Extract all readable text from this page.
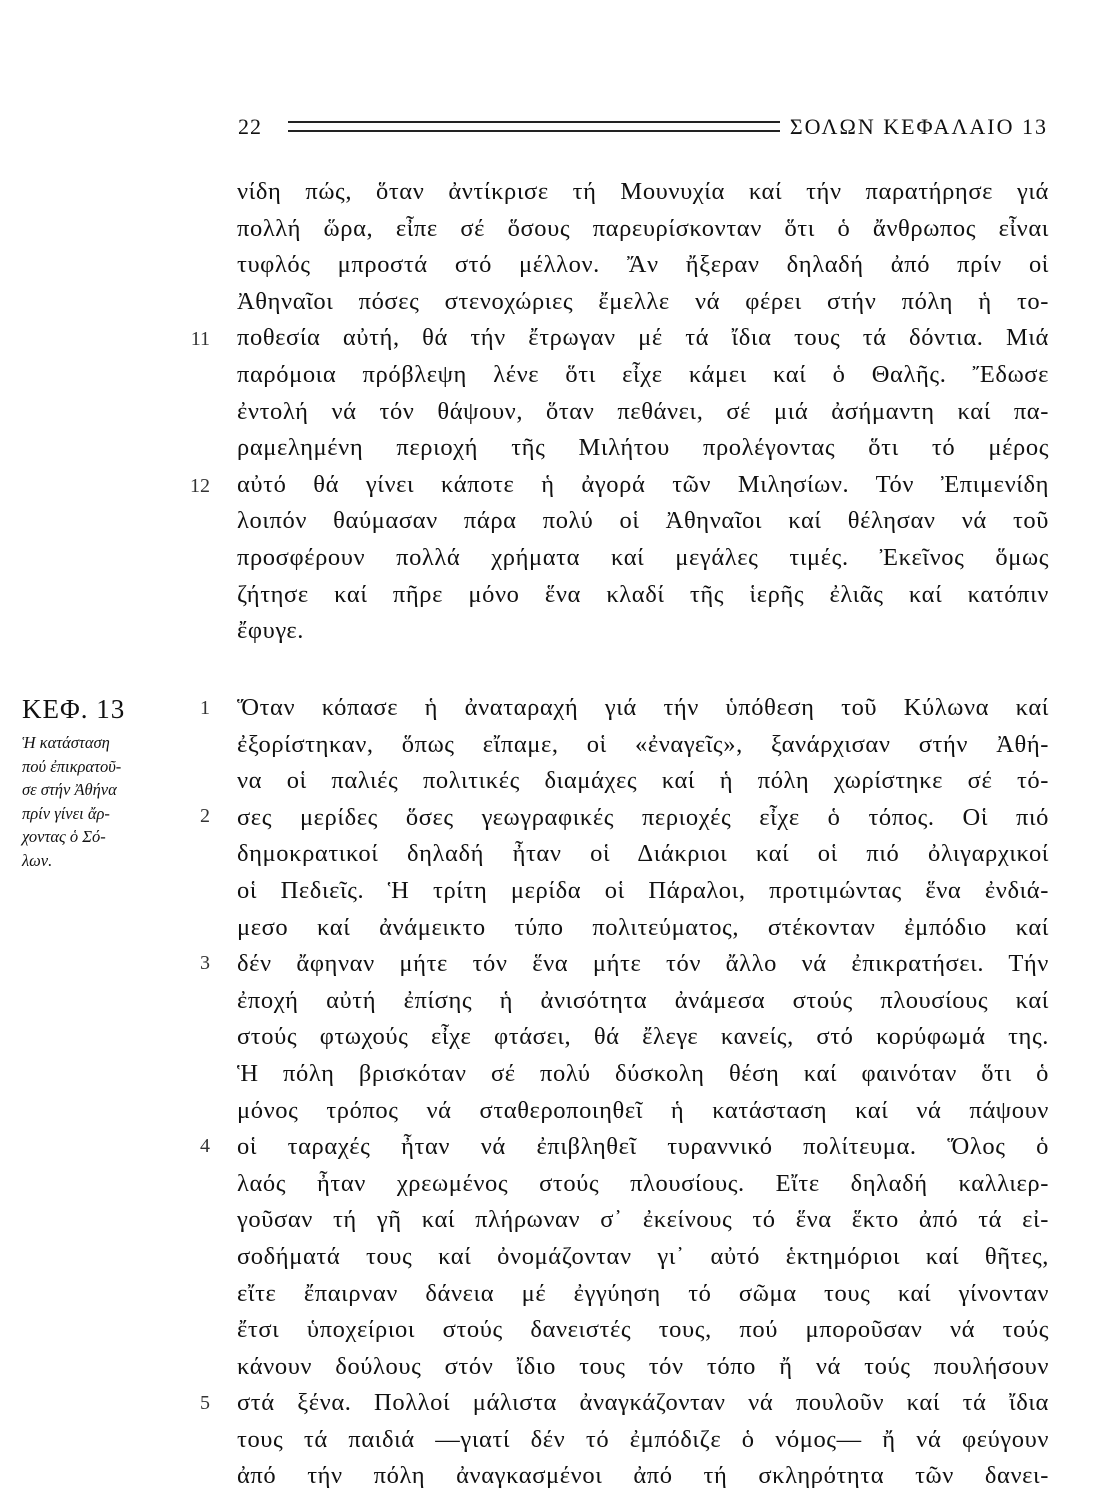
22	ΣΟΛΩΝ ΚΕΦΑΛΑΙΟ 13
νίδη πώς, ὅταν ἀντίκρισε τή Μουνυχία καί τήν παρατήρησε γιά
πολλή ὥρα, εἶπε σέ ὅσους παρευρίσκονταν ὅτι ὁ ἄνθρωπος εἶναι
τυφλός μπροστά στό μέλλον. Ἄν ἤξεραν δηλαδή ἀπό πρίν οἱ
Ἀθηναῖοι πόσες στενοχώριες ἔμελλε νά φέρει στήν πόλη ἡ το-
ποθεσία αὐτή, θά τήν ἔτρωγαν μέ τά ἴδια τους τά δόντια. Μιά
παρόμοια πρόβλεψη λένε ὅτι εἶχε κάμει καί ὁ Θαλῆς. Ἔδωσε
ἐντολή νά τόν θάψουν, ὅταν πεθάνει, σέ μιά ἀσήμαντη καί πα-
ραμελημένη περιοχή τῆς Μιλήτου προλέγοντας ὅτι τό μέρος
αὐτό θά γίνει κάποτε ἡ ἀγορά τῶν Μιλησίων. Τόν Ἐπιμενίδη
λοιπόν θαύμασαν πάρα πολύ οἱ Ἀθηναῖοι καί θέλησαν νά τοῦ
προσφέρουν πολλά χρήματα καί μεγάλες τιμές. Ἐκεῖνος ὅμως
ζήτησε καί πῆρε μόνο ἕνα κλαδί τῆς ἱερῆς ἐλιᾶς καί κατόπιν
ἔφυγε.
11
12
ΚΕΦ. 13
Ἡ κατάσταση
πού ἐπικρατοῦ-
σε στήν Ἀθήνα
πρίν γίνει ἄρ-
χοντας ὁ Σό-
λων.
Ὅταν κόπασε ἡ ἀναταραχή γιά τήν ὑπόθεση τοῦ Κύλωνα καί
ἐξορίστηκαν, ὅπως εἴπαμε, οἱ «ἐναγεῖς», ξανάρχισαν στήν Ἀθή-
να οἱ παλιές πολιτικές διαμάχες καί ἡ πόλη χωρίστηκε σέ τό-
σες μερίδες ὅσες γεωγραφικές περιοχές εἶχε ὁ τόπος. Οἱ πιό
δημοκρατικοί δηλαδή ἦταν οἱ Διάκριοι καί οἱ πιό ὀλιγαρχικοί
οἱ Πεδιεῖς. Ἡ τρίτη μερίδα οἱ Πάραλοι, προτιμώντας ἕνα ἐνδιά-
μεσο καί ἀνάμεικτο τύπο πολιτεύματος, στέκονταν ἐμπόδιο καί
δέν ἄφηναν μήτε τόν ἕνα μήτε τόν ἄλλο νά ἐπικρατήσει. Τήν
ἐποχή αὐτή ἐπίσης ἡ ἀνισότητα ἀνάμεσα στούς πλουσίους καί
στούς φτωχούς εἶχε φτάσει, θά ἔλεγε κανείς, στό κορύφωμά της.
Ἡ πόλη βρισκόταν σέ πολύ δύσκολη θέση καί φαινόταν ὅτι ὁ
μόνος τρόπος νά σταθεροποιηθεῖ ἡ κατάσταση καί νά πάψουν
οἱ ταραχές ἦταν νά ἐπιβληθεῖ τυραννικό πολίτευμα. Ὅλος ὁ
λαός ἦταν χρεωμένος στούς πλουσίους. Εἴτε δηλαδή καλλιερ-
γοῦσαν τή γῆ καί πλήρωναν σ᾽ ἐκείνους τό ἕνα ἕκτο ἀπό τά εἰ-
σοδήματά τους καί ὀνομάζονταν γι᾽ αὐτό ἑκτημόριοι καί θῆτες,
εἴτε ἔπαιρναν δάνεια μέ ἐγγύηση τό σῶμα τους καί γίνονταν
ἔτσι ὑποχείριοι στούς δανειστές τους, πού μποροῦσαν νά τούς
κάνουν δούλους στόν ἴδιο τους τόν τόπο ἤ νά τούς πουλήσουν
στά ξένα. Πολλοί μάλιστα ἀναγκάζονταν νά πουλοῦν καί τά ἴδια
τους τά παιδιά —γιατί δέν τό ἐμπόδιζε ὁ νόμος— ἤ νά φεύγουν
ἀπό τήν πόλη ἀναγκασμένοι ἀπό τή σκληρότητα τῶν δανει-
1
2
3
4
5
